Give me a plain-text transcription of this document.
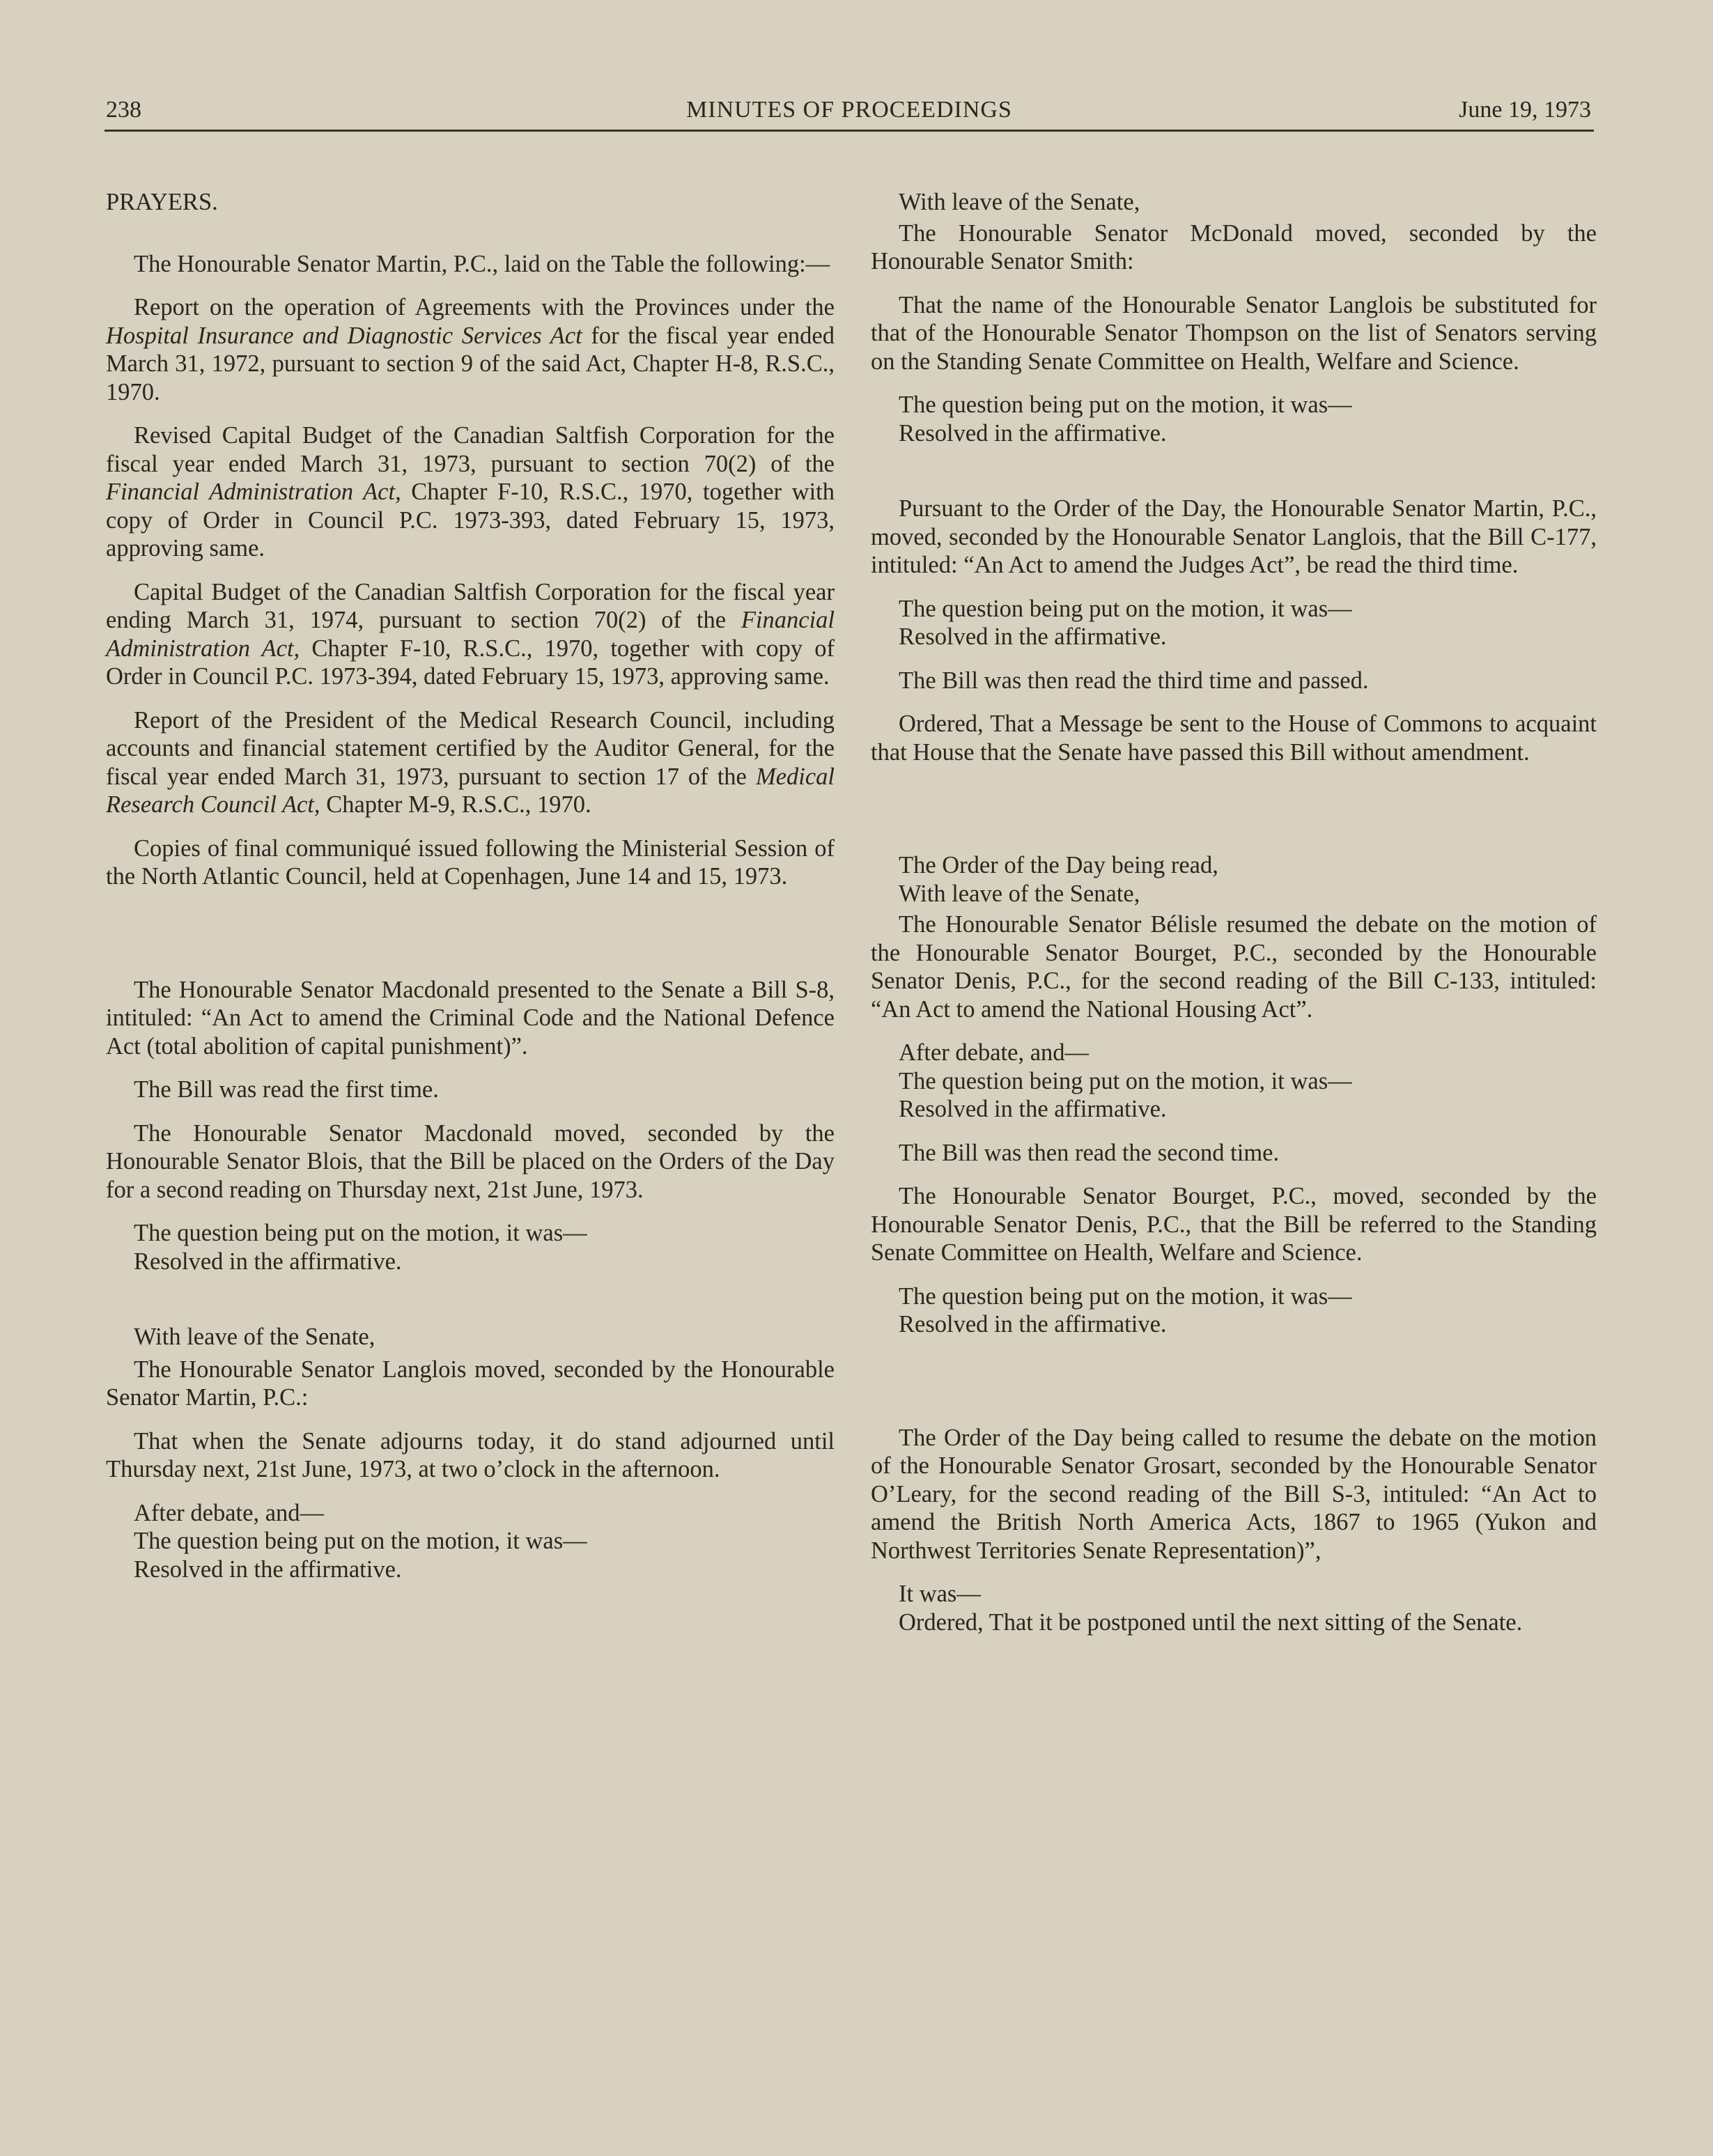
238	MINUTES OF PROCEEDINGS	June 19, 1973

PRAYERS.

The Honourable Senator Martin, P.C., laid on the Table the following:—

Report on the operation of Agreements with the Provinces under the Hospital Insurance and Diagnostic Services Act for the fiscal year ended March 31, 1972, pursuant to section 9 of the said Act, Chapter H-8, R.S.C., 1970.

Revised Capital Budget of the Canadian Saltfish Corporation for the fiscal year ended March 31, 1973, pursuant to section 70(2) of the Financial Administration Act, Chapter F-10, R.S.C., 1970, together with copy of Order in Council P.C. 1973-393, dated February 15, 1973, approving same.

Capital Budget of the Canadian Saltfish Corporation for the fiscal year ending March 31, 1974, pursuant to section 70(2) of the Financial Administration Act, Chapter F-10, R.S.C., 1970, together with copy of Order in Council P.C. 1973-394, dated February 15, 1973, approving same.

Report of the President of the Medical Research Council, including accounts and financial statement certified by the Auditor General, for the fiscal year ended March 31, 1973, pursuant to section 17 of the Medical Research Council Act, Chapter M-9, R.S.C., 1970.

Copies of final communiqué issued following the Ministerial Session of the North Atlantic Council, held at Copenhagen, June 14 and 15, 1973.

The Honourable Senator Macdonald presented to the Senate a Bill S-8, intituled: “An Act to amend the Criminal Code and the National Defence Act (total abolition of capital punishment)”.

The Bill was read the first time.

The Honourable Senator Macdonald moved, seconded by the Honourable Senator Blois, that the Bill be placed on the Orders of the Day for a second reading on Thursday next, 21st June, 1973.

The question being put on the motion, it was—
Resolved in the affirmative.
With leave of the Senate,

The Honourable Senator Langlois moved, seconded by the Honourable Senator Martin, P.C.:

That when the Senate adjourns today, it do stand adjourned until Thursday next, 21st June, 1973, at two o’clock in the afternoon.

After debate, and—
The question being put on the motion, it was—
Resolved in the affirmative.
With leave of the Senate,

The Honourable Senator McDonald moved, seconded by the Honourable Senator Smith:

That the name of the Honourable Senator Langlois be substituted for that of the Honourable Senator Thompson on the list of Senators serving on the Standing Senate Committee on Health, Welfare and Science.

The question being put on the motion, it was—
Resolved in the affirmative.

Pursuant to the Order of the Day, the Honourable Senator Martin, P.C., moved, seconded by the Honourable Senator Langlois, that the Bill C-177, intituled: “An Act to amend the Judges Act”, be read the third time.

The question being put on the motion, it was—
Resolved in the affirmative.

The Bill was then read the third time and passed.

Ordered, That a Message be sent to the House of Commons to acquaint that House that the Senate have passed this Bill without amendment.

The Order of the Day being read,
With leave of the Senate,

The Honourable Senator Bélisle resumed the debate on the motion of the Honourable Senator Bourget, P.C., seconded by the Honourable Senator Denis, P.C., for the second reading of the Bill C-133, intituled: “An Act to amend the National Housing Act”.

After debate, and—
The question being put on the motion, it was—
Resolved in the affirmative.

The Bill was then read the second time.

The Honourable Senator Bourget, P.C., moved, seconded by the Honourable Senator Denis, P.C., that the Bill be referred to the Standing Senate Committee on Health, Welfare and Science.

The question being put on the motion, it was—
Resolved in the affirmative.

The Order of the Day being called to resume the debate on the motion of the Honourable Senator Grosart, seconded by the Honourable Senator O’Leary, for the second reading of the Bill S-3, intituled: “An Act to amend the British North America Acts, 1867 to 1965 (Yukon and Northwest Territories Senate Representation)”,

It was—

Ordered, That it be postponed until the next sitting of the Senate.
